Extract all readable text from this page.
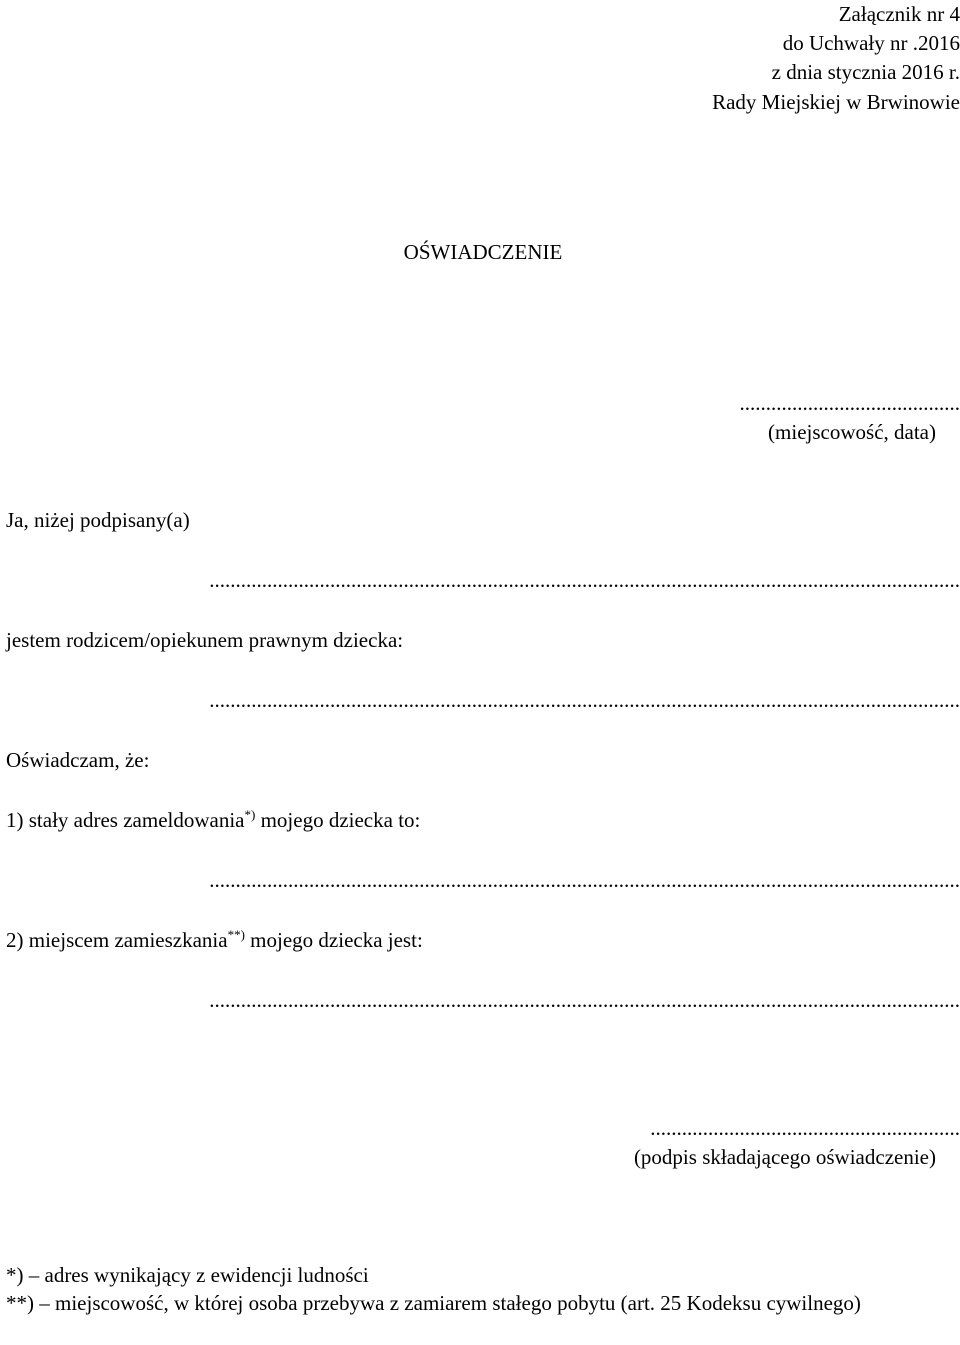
Załącznik nr 4
do Uchwały nr .2016
z dnia stycznia 2016 r.
Rady Miejskiej w Brwinowie
OŚWIADCZENIE
..........................................
(miejscowość, data)
Ja, niżej podpisany(a)
...............................................................................................................................................
jestem rodzicem/opiekunem prawnym dziecka:
...............................................................................................................................................
Oświadczam, że:
1) stały adres zameldowania*) mojego dziecka to:
...............................................................................................................................................
2) miejscem zamieszkania**) mojego dziecka jest:
...............................................................................................................................................
...........................................................
(podpis składającego oświadczenie)
*) – adres wynikający z ewidencji ludności
**) – miejscowość, w której osoba przebywa z zamiarem stałego pobytu (art. 25 Kodeksu cywilnego)
